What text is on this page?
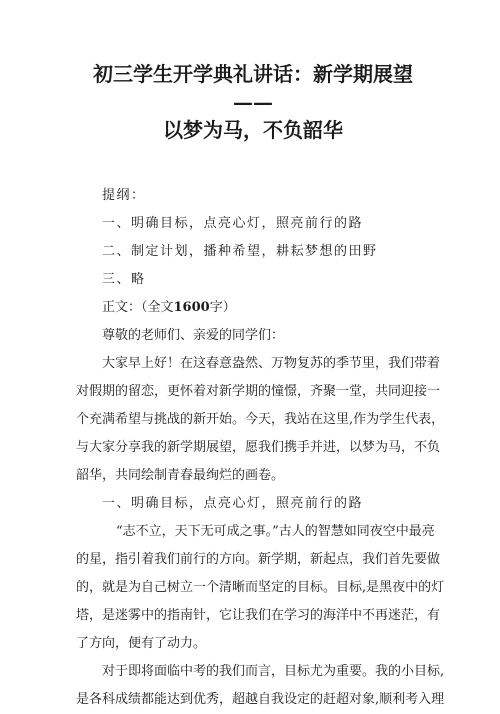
初三学生开学典礼讲话：新学期展望——
以梦为马，不负韶华
提纲：
一、明确目标，点亮心灯，照亮前行的路
二、制定计划，播种希望，耕耘梦想的田野
三、略
正文：（全文1600字）
尊敬的老师们、亲爱的同学们：
大家早上好！在这春意盎然、万物复苏的季节里，我们带着
对假期的留恋，更怀着对新学期的憧憬，齐聚一堂，共同迎接一
个充满希望与挑战的新开始。今天，我站在这里,作为学生代表，
与大家分享我的新学期展望，愿我们携手并进，以梦为马，不负
韶华，共同绘制青春最绚烂的画卷。
一、明确目标，点亮心灯，照亮前行的路
“志不立，天下无可成之事。”古人的智慧如同夜空中最亮
的星，指引着我们前行的方向。新学期，新起点，我们首先要做
的，就是为自己树立一个清晰而坚定的目标。目标,是黑夜中的灯
塔，是迷雾中的指南针，它让我们在学习的海洋中不再迷茫，有
了方向，便有了动力。
对于即将面临中考的我们而言，目标尤为重要。我的小目标,
是各科成绩都能达到优秀，超越自我设定的赶超对象,顺利考入理
